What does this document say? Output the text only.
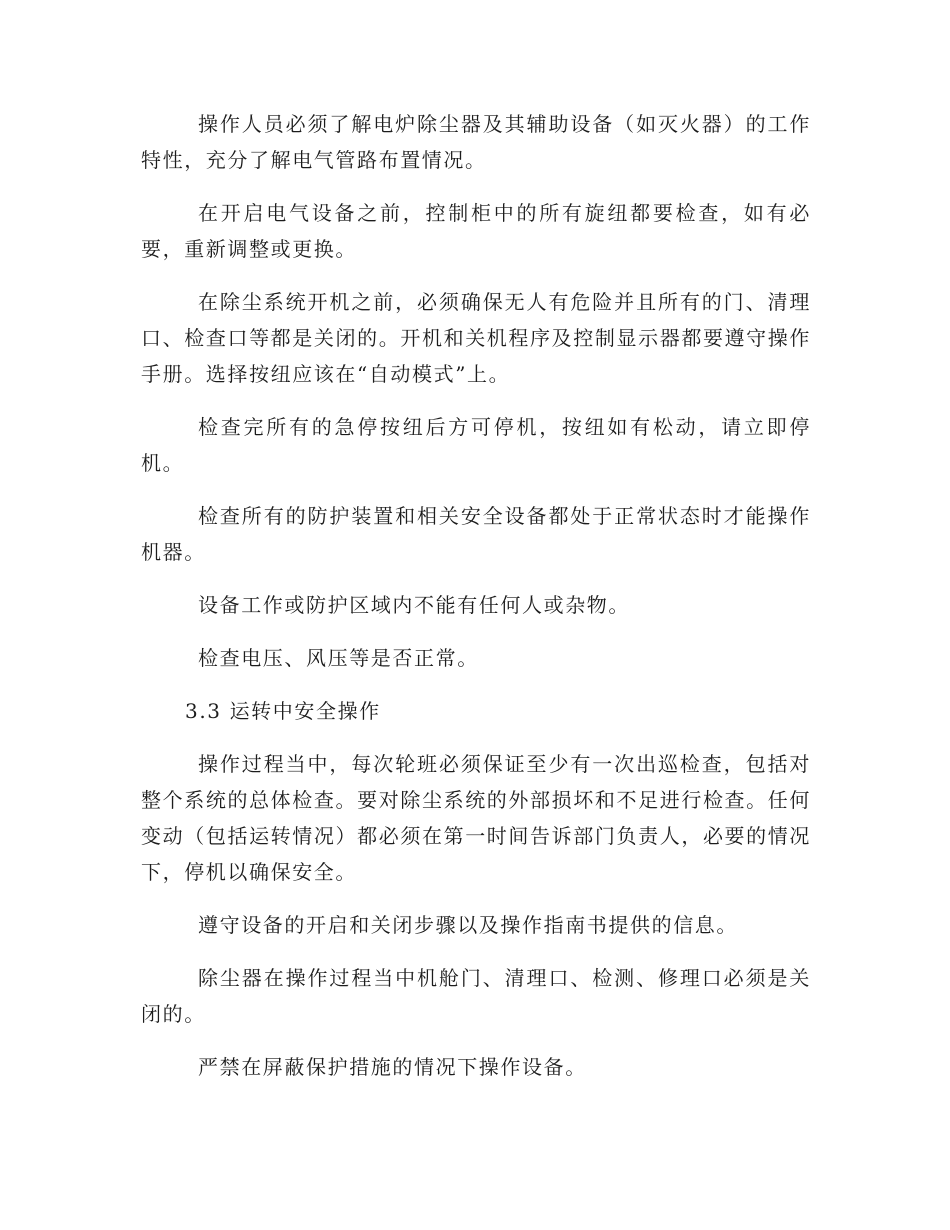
操作人员必须了解电炉除尘器及其辅助设备（如灭火器）的工作特性，充分了解电气管路布置情况。

在开启电气设备之前，控制柜中的所有旋纽都要检查，如有必要，重新调整或更换。

在除尘系统开机之前，必须确保无人有危险并且所有的门、清理口、检查口等都是关闭的。开机和关机程序及控制显示器都要遵守操作手册。选择按纽应该在“自动模式”上。

检查完所有的急停按纽后方可停机，按纽如有松动，请立即停机。

检查所有的防护装置和相关安全设备都处于正常状态时才能操作机器。

设备工作或防护区域内不能有任何人或杂物。

检查电压、风压等是否正常。

3.3 运转中安全操作

操作过程当中，每次轮班必须保证至少有一次出巡检查，包括对整个系统的总体检查。要对除尘系统的外部损坏和不足进行检查。任何变动（包括运转情况）都必须在第一时间告诉部门负责人，必要的情况下，停机以确保安全。

遵守设备的开启和关闭步骤以及操作指南书提供的信息。

除尘器在操作过程当中机舱门、清理口、检测、修理口必须是关闭的。

严禁在屏蔽保护措施的情况下操作设备。
